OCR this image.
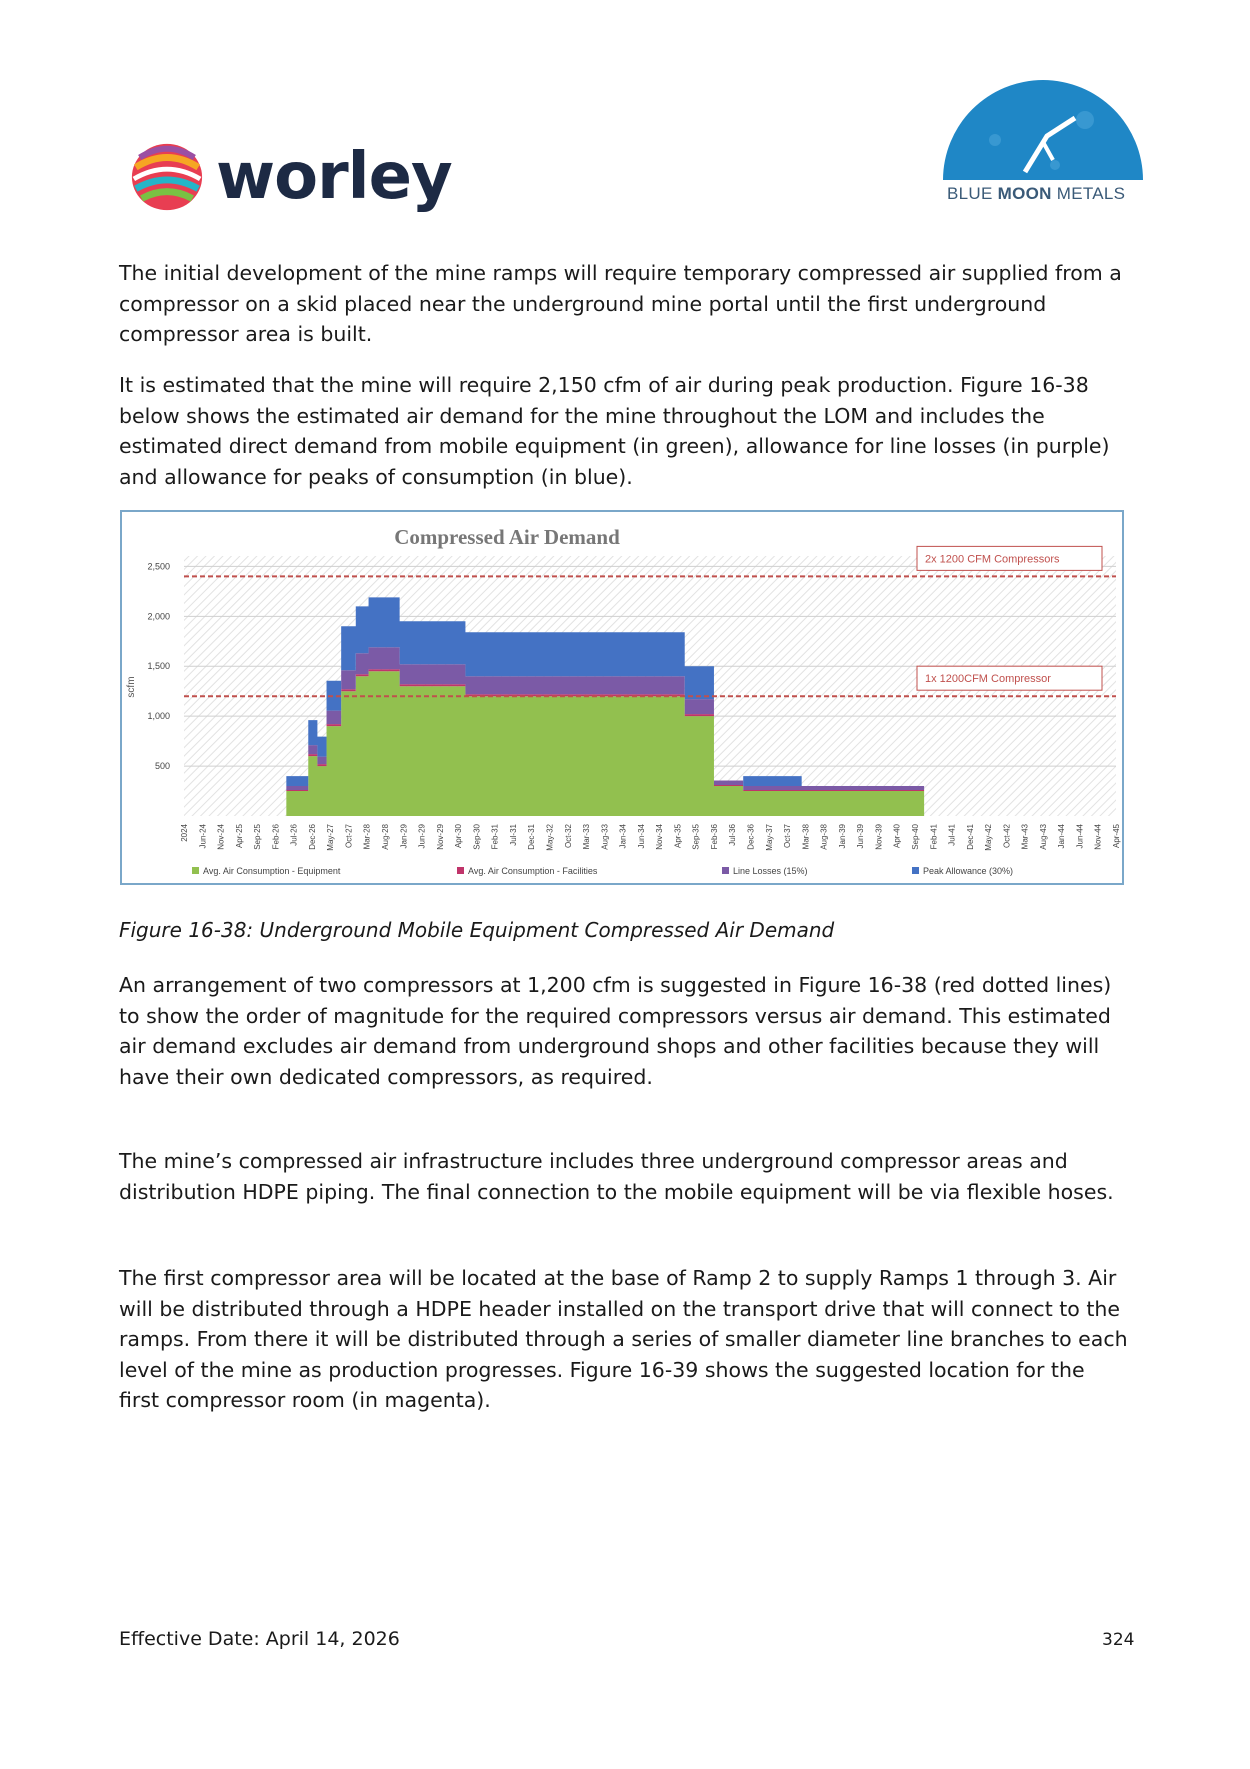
worley	BLUE MOON METALS

The initial development of the mine ramps will require temporary compressed air supplied from a compressor on a skid placed near the underground mine portal until the first underground compressor area is built.

It is estimated that the mine will require 2,150 cfm of air during peak production. Figure 16-38 below shows the estimated air demand for the mine throughout the LOM and includes the estimated direct demand from mobile equipment (in green), allowance for line losses (in purple) and allowance for peaks of consumption (in blue).

2x 1200 CFM Compressors
1x 1200CFM Compressor
500
1,000
1,500
2,000
2,500
2024 Jun-24 Nov-24 Apr-25 Sep-25 Feb-26 Jul-26 Dec-26 May-27 Oct-27 Mar-28 Aug-28 Jan-29 Jun-29 Nov-29 Apr-30 Sep-30 Feb-31 Jul-31 Dec-31 May-32 Oct-32 Mar-33 Aug-33 Jan-34 Jun-34 Nov-34 Apr-35 Sep-35 Feb-36 Jul-36 Dec-36 May-37 Oct-37 Mar-38 Aug-38 Jan-39 Jun-39 Nov-39 Apr-40 Sep-40 Feb-41 Jul-41 Dec-41 May-42 Oct-42 Mar-43 Aug-43 Jan-44 Jun-44 Nov-44 Apr-45
Avg. Air Consumption - Equipment	Avg. Air Consumption - Facilities	Line Losses (15%)	Peak Allowance (30%)
Compressed Air Demand
scfm
Figure 16-38: Underground Mobile Equipment Compressed Air Demand

An arrangement of two compressors at 1,200 cfm is suggested in Figure 16-38 (red dotted lines) to show the order of magnitude for the required compressors versus air demand. This estimated air demand excludes air demand from underground shops and other facilities because they will have their own dedicated compressors, as required.

The mine’s compressed air infrastructure includes three underground compressor areas and distribution HDPE piping. The final connection to the mobile equipment will be via flexible hoses.

The first compressor area will be located at the base of Ramp 2 to supply Ramps 1 through 3. Air will be distributed through a HDPE header installed on the transport drive that will connect to the ramps. From there it will be distributed through a series of smaller diameter line branches to each level of the mine as production progresses. Figure 16-39 shows the suggested location for the first compressor room (in magenta).

Effective Date: April 14, 2026	324
